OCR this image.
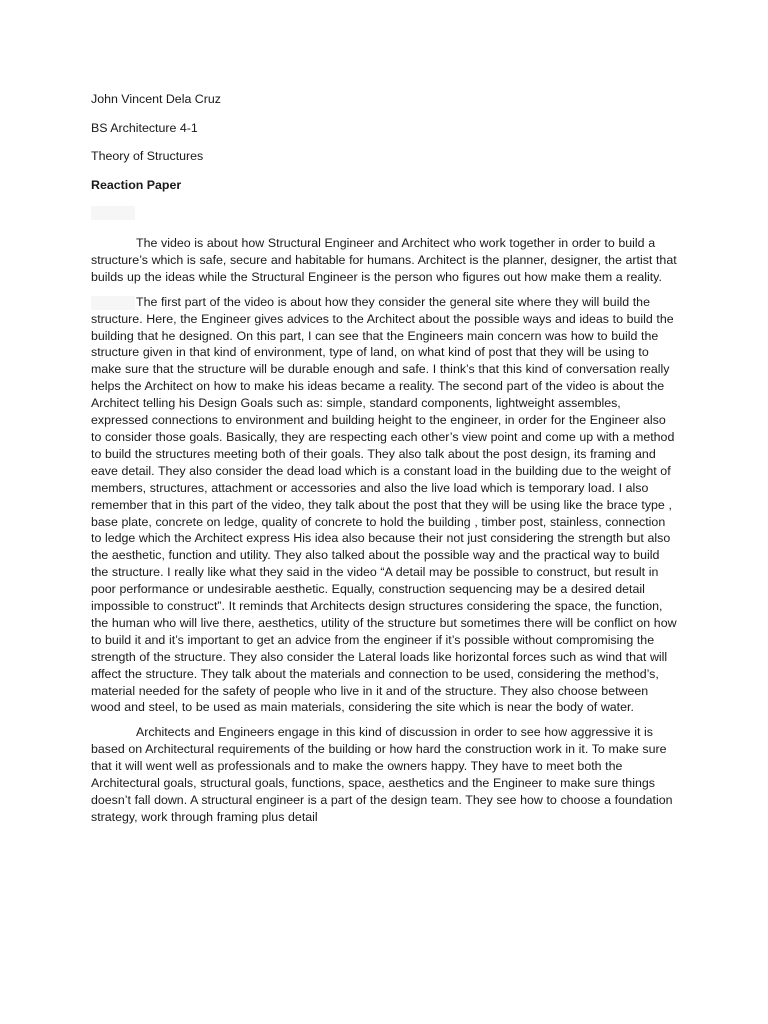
John Vincent Dela Cruz
BS Architecture 4-1
Theory of Structures
Reaction Paper

The video is about how Structural Engineer and Architect who work together in order to build a structure’s which is safe, secure and habitable for humans. Architect is the planner, designer, the artist that builds up the ideas while the Structural Engineer is the person who figures out how make them a reality.

The first part of the video is about how they consider the general site where they will build the structure. Here, the Engineer gives advices to the Architect about the possible ways and ideas to build the building that he designed. On this part, I can see that the Engineers main concern was how to build the structure given in that kind of environment, type of land, on what kind of post that they will be using to make sure that the structure will be durable enough and safe. I think’s that this kind of conversation really helps the Architect on how to make his ideas became a reality. The second part of the video is about the Architect telling his Design Goals such as: simple, standard components, lightweight assembles, expressed connections to environment and building height to the engineer, in order for the Engineer also to consider those goals. Basically, they are respecting each other’s view point and come up with a method to build the structures meeting both of their goals. They also talk about the post design, its framing and eave detail. They also consider the dead load which is a constant load in the building due to the weight of members, structures, attachment or accessories and also the live load which is temporary load. I also remember that in this part of the video, they talk about the post that they will be using like the brace type , base plate, concrete on ledge, quality of concrete to hold the building , timber post, stainless, connection to ledge which the Architect express His idea also because their not just considering the strength but also the aesthetic, function and utility. They also talked about the possible way and the practical way to build the structure. I really like what they said in the video “A detail may be possible to construct, but result in poor performance or undesirable aesthetic. Equally, construction sequencing may be a desired detail impossible to construct”. It reminds that Architects design structures considering the space, the function, the human who will live there, aesthetics, utility of the structure but sometimes there will be conflict on how to build it and it’s important to get an advice from the engineer if it’s possible without compromising the strength of the structure. They also consider the Lateral loads like horizontal forces such as wind that will affect the structure. They talk about the materials and connection to be used, considering the method’s, material needed for the safety of people who live in it and of the structure. They also choose between wood and steel, to be used as main materials, considering the site which is near the body of water.

Architects and Engineers engage in this kind of discussion in order to see how aggressive it is based on Architectural requirements of the building or how hard the construction work in it. To make sure that it will went well as professionals and to make the owners happy. They have to meet both the Architectural goals, structural goals, functions, space, aesthetics and the Engineer to make sure things doesn’t fall down. A structural engineer is a part of the design team. They see how to choose a foundation strategy, work through framing plus detail
